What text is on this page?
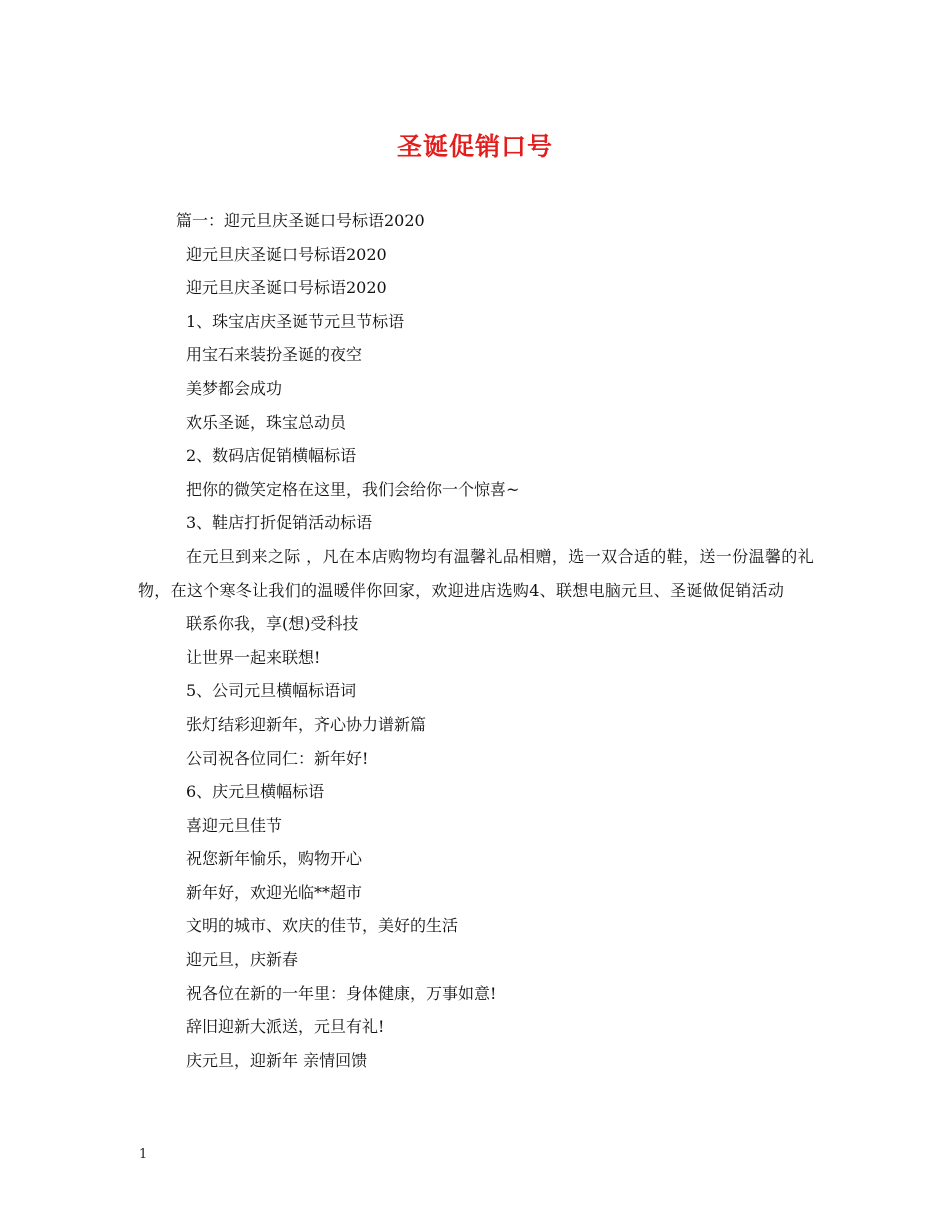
圣诞促销口号
篇一：迎元旦庆圣诞口号标语2020
迎元旦庆圣诞口号标语2020
迎元旦庆圣诞口号标语2020
1、珠宝店庆圣诞节元旦节标语
用宝石来装扮圣诞的夜空
美梦都会成功
欢乐圣诞，珠宝总动员
2、数码店促销横幅标语
把你的微笑定格在这里，我们会给你一个惊喜~
3、鞋店打折促销活动标语
在元旦到来之际 ，凡在本店购物均有温馨礼品相赠，选一双合适的鞋，送一份温馨的礼物，在这个寒冬让我们的温暖伴你回家，欢迎进店选购4、联想电脑元旦、圣诞做促销活动
联系你我，享(想)受科技
让世界一起来联想!
5、公司元旦横幅标语词
张灯结彩迎新年，齐心协力谱新篇
公司祝各位同仁：新年好!
6、庆元旦横幅标语
喜迎元旦佳节
祝您新年愉乐，购物开心
新年好，欢迎光临**超市
文明的城市、欢庆的佳节，美好的生活
迎元旦，庆新春
祝各位在新的一年里：身体健康，万事如意!
辞旧迎新大派送，元旦有礼!
庆元旦，迎新年 亲情回馈
1
